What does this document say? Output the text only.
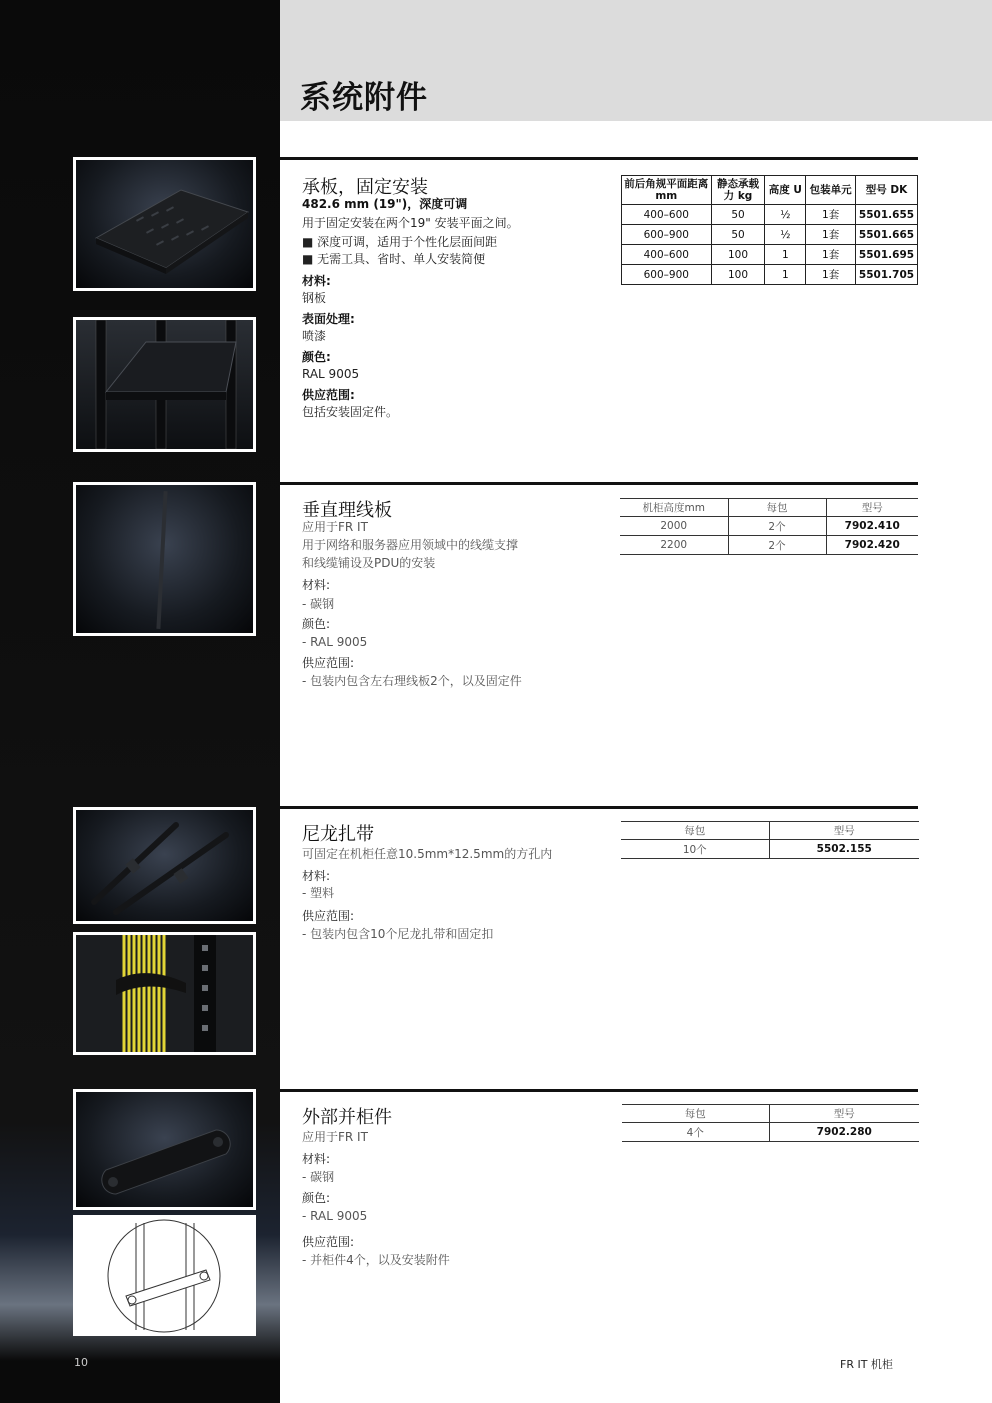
系统附件
承板，固定安装
482.6 mm (19")，深度可调
用于固定安装在两个19" 安装平面之间。
■ 深度可调，适用于个性化层面间距
■ 无需工具、省时、单人安装简便
材料:
钢板
表面处理:
喷漆
颜色:
RAL 9005
供应范围:
包括安装固定件。
前后角规平面距离 mm	静态承载力 kg	高度 U	包装单元	型号 DK
400–600	50	½	1套	5501.655
600–900	50	½	1套	5501.665
400–600	100	1	1套	5501.695
600–900	100	1	1套	5501.705
垂直理线板
应用于FR IT
用于网络和服务器应用领域中的线缆支撑
和线缆铺设及PDU的安装
材料:
- 碳钢
颜色:
- RAL 9005
供应范围:
- 包装内包含左右理线板2个，以及固定件
机柜高度mm	每包	型号
2000	2个	7902.410
2200	2个	7902.420
尼龙扎带
可固定在机柜任意10.5mm*12.5mm的方孔内
材料:
- 塑料
供应范围:
- 包装内包含10个尼龙扎带和固定扣
每包	型号
10个	5502.155
外部并柜件
应用于FR IT
材料:
- 碳钢
颜色:
- RAL 9005
供应范围:
- 并柜件4个，以及安装附件
每包	型号
4个	7902.280
10	FR IT 机柜
